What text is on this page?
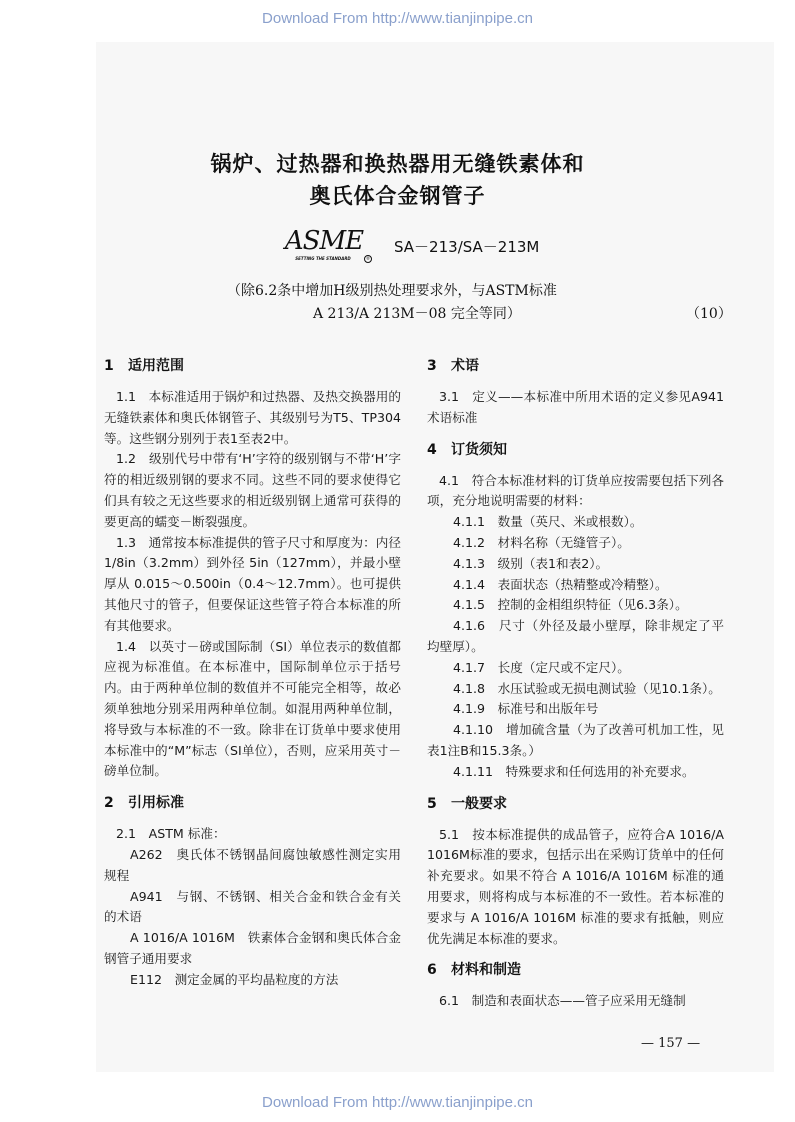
Download From http://www.tianjinpipe.cn
锅炉、过热器和换热器用无缝铁素体和
奥氏体合金钢管子
ASME
SETTING THE STANDARD	®
SA－213/SA－213M
（除6.2条中增加H级别热处理要求外，与ASTM标准
A 213/A 213M－08 完全等同）	（10）
1 适用范围

1.1　本标准适用于锅炉和过热器、及热交换器用的无缝铁素体和奥氏体钢管子、其级别号为T5、TP304等。这些钢分别列于表1至表2中。

1.2　级别代号中带有‘H’字符的级别钢与不带‘H’字符的相近级别钢的要求不同。这些不同的要求使得它们具有较之无这些要求的相近级别钢上通常可获得的要更高的蠕变－断裂强度。

1.3　通常按本标准提供的管子尺寸和厚度为：内径 1/8in（3.2mm）到外径 5in（127mm），并最小壁厚从 0.015～0.500in（0.4～12.7mm）。也可提供其他尺寸的管子，但要保证这些管子符合本标准的所有其他要求。

1.4　以英寸－磅或国际制（SI）单位表示的数值都应视为标准值。在本标准中，国际制单位示于括号内。由于两种单位制的数值并不可能完全相等，故必须单独地分别采用两种单位制。如混用两种单位制，将导致与本标准的不一致。除非在订货单中要求使用本标准中的“M”标志（SI单位），否则，应采用英寸－磅单位制。

2 引用标准

2.1　ASTM 标准：

A262　奥氏体不锈钢晶间腐蚀敏感性测定实用规程

A941　与钢、不锈钢、相关合金和铁合金有关的术语

A 1016/A 1016M　铁素体合金钢和奥氏体合金钢管子通用要求

E112　测定金属的平均晶粒度的方法

3 术语

3.1　定义——本标准中所用术语的定义参见A941术语标准

4 订货须知

4.1　符合本标准材料的订货单应按需要包括下列各项，充分地说明需要的材料：

4.1.1　数量（英尺、米或根数）。

4.1.2　材料名称（无缝管子）。

4.1.3　级别（表1和表2）。

4.1.4　表面状态（热精整或冷精整）。

4.1.5　控制的金相组织特征（见6.3条）。

4.1.6　尺寸（外径及最小壁厚，除非规定了平均壁厚）。

4.1.7　长度（定尺或不定尺）。

4.1.8　水压试验或无损电测试验（见10.1条）。

4.1.9　标准号和出版年号

4.1.10　增加硫含量（为了改善可机加工性，见表1注B和15.3条。）

4.1.11　特殊要求和任何选用的补充要求。

5 一般要求

5.1　按本标准提供的成品管子，应符合A 1016/A 1016M标准的要求，包括示出在采购订货单中的任何补充要求。如果不符合 A 1016/A 1016M 标准的通用要求，则将构成与本标准的不一致性。若本标准的要求与 A 1016/A 1016M 标准的要求有抵触，则应优先满足本标准的要求。

6 材料和制造

6.1　制造和表面状态——管子应采用无缝制

— 157 —
Download From http://www.tianjinpipe.cn
